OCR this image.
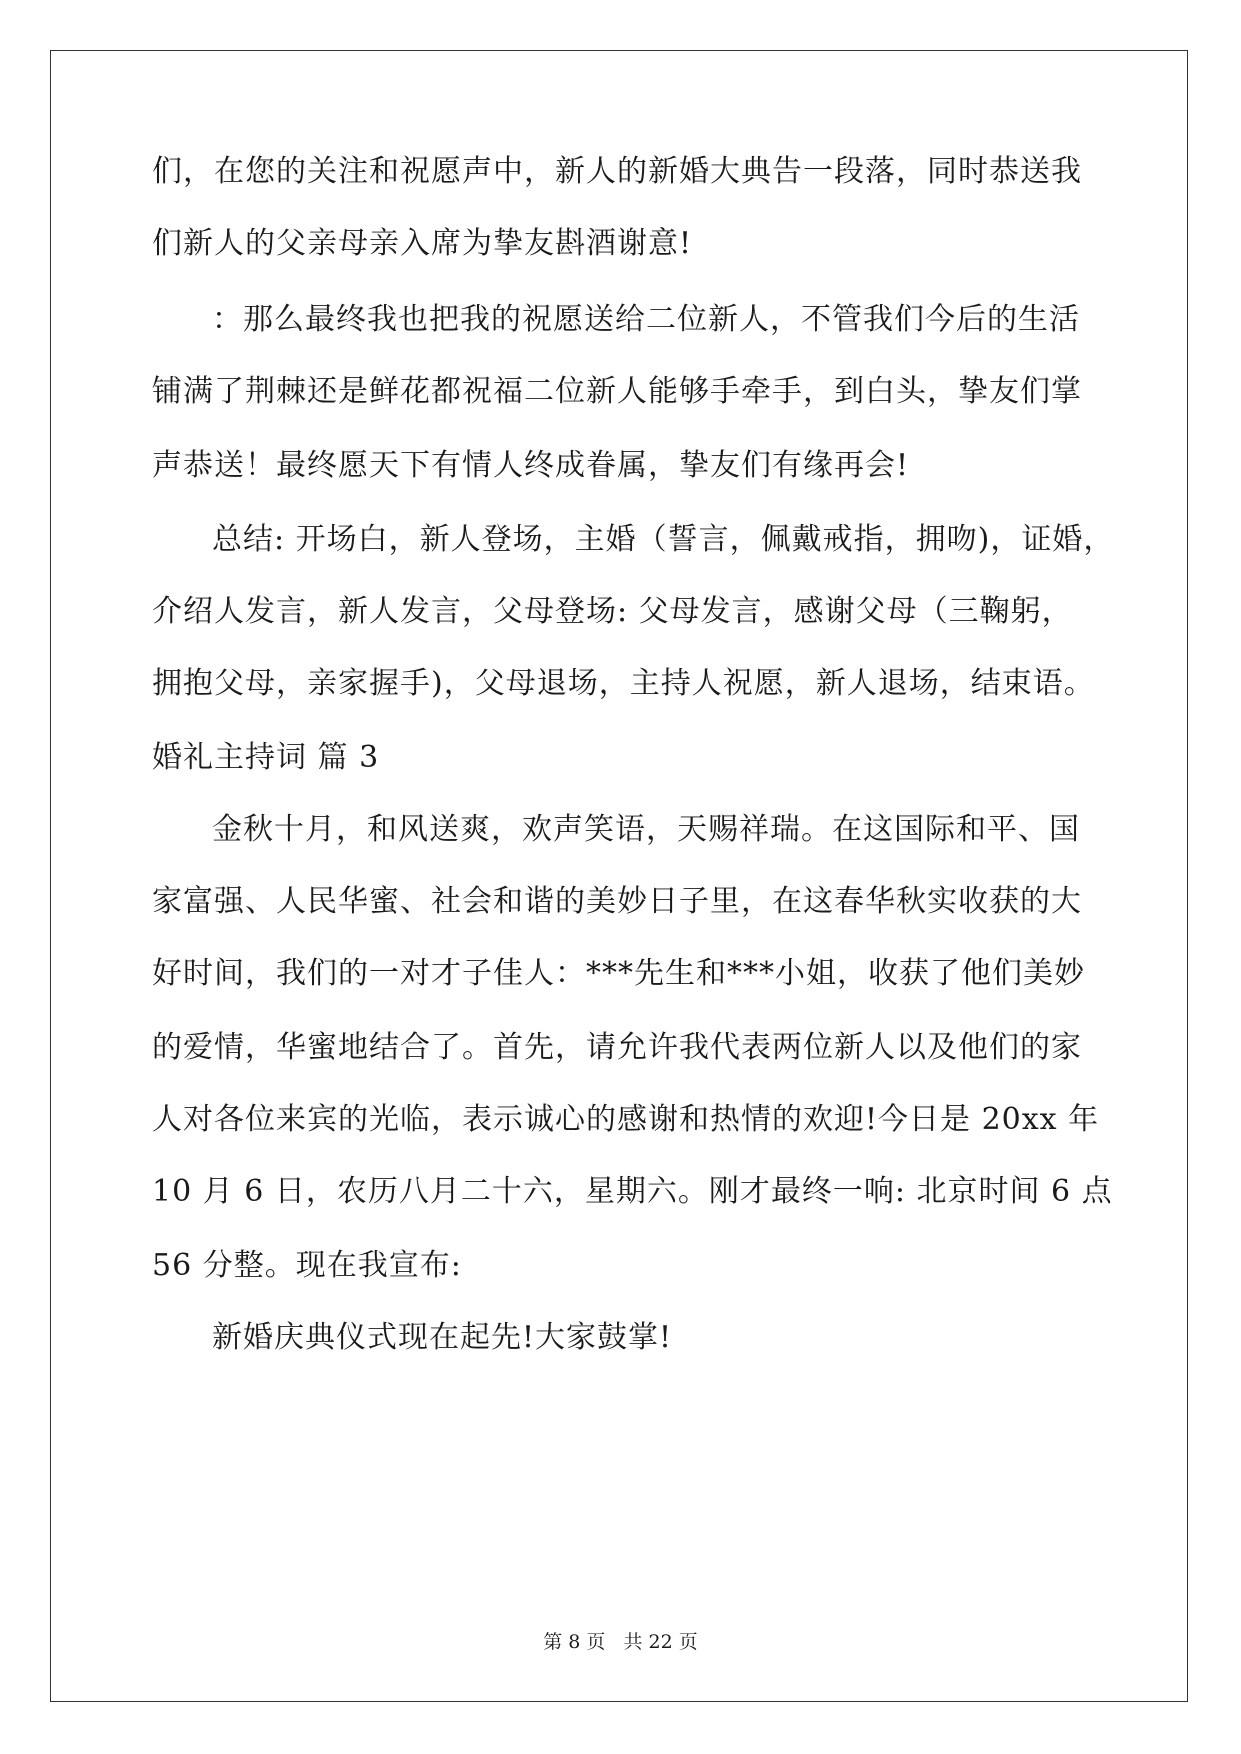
们，在您的关注和祝愿声中，新人的新婚大典告一段落，同时恭送我
们新人的父亲母亲入席为挚友斟酒谢意!
：那么最终我也把我的祝愿送给二位新人，不管我们今后的生活
铺满了荆棘还是鲜花都祝福二位新人能够手牵手，到白头，挚友们掌
声恭送！最终愿天下有情人终成眷属，挚友们有缘再会!
总结: 开场白，新人登场，主婚（誓言，佩戴戒指，拥吻)，证婚，
介绍人发言，新人发言，父母登场: 父母发言，感谢父母（三鞠躬，
拥抱父母，亲家握手)，父母退场，主持人祝愿，新人退场，结束语。
婚礼主持词 篇 3
金秋十月，和风送爽，欢声笑语，天赐祥瑞。在这国际和平、国
家富强、人民华蜜、社会和谐的美妙日子里，在这春华秋实收获的大
好时间，我们的一对才子佳人：***先生和***小姐，收获了他们美妙
的爱情，华蜜地结合了。首先，请允许我代表两位新人以及他们的家
人对各位来宾的光临，表示诚心的感谢和热情的欢迎!今日是 20xx 年
10 月 6 日，农历八月二十六，星期六。刚才最终一响: 北京时间 6 点
56 分整。现在我宣布:
新婚庆典仪式现在起先!大家鼓掌!
第 8 页 共 22 页
